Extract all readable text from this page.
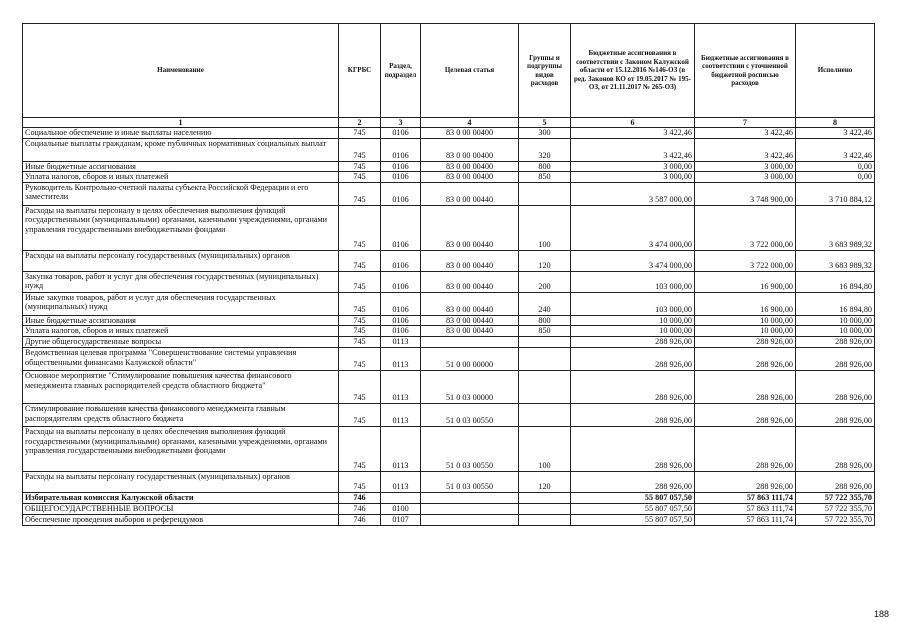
Наименование	КГРБС	Раздел, подраздел	Целевая статья	Группы и подгруппы видов расходов	Бюджетные ассигнования в соответствии с Законом Калужской области от 15.12.2016 №146-ОЗ (в ред. Законов КО от 19.05.2017 № 195-ОЗ, от 21.11.2017 № 265-ОЗ)	Бюджетные ассигнования в соответствии с уточненной бюджетной росписью расходов	Исполнено
1	2	3	4	5	6	7	8
Социальное обеспечение и иные выплаты населению	745	0106	83 0 00 00400	300	3 422,46	3 422,46	3 422,46
Социальные выплаты гражданам, кроме публичных нормативных социальных выплат	745	0106	83 0 00 00400	320	3 422,46	3 422,46	3 422,46
Иные бюджетные ассигнования	745	0106	83 0 00 00400	800	3 000,00	3 000,00	0,00
Уплата налогов, сборов и иных платежей	745	0106	83 0 00 00400	850	3 000,00	3 000,00	0,00
Руководитель Контрольно-счетной палаты субъекта Российской Федерации и его заместители	745	0106	83 0 00 00440		3 587 000,00	3 748 900,00	3 710 884,12
Расходы на выплаты персоналу в целях обеспечения выполнения функций государственными (муниципальными) органами, казенными учреждениями, органами управления государственными внебюджетными фондами	745	0106	83 0 00 00440	100	3 474 000,00	3 722 000,00	3 683 989,32
Расходы на выплаты персоналу государственных (муниципальных) органов	745	0106	83 0 00 00440	120	3 474 000,00	3 722 000,00	3 683 989,32
Закупка товаров, работ и услуг для обеспечения государственных (муниципальных) нужд	745	0106	83 0 00 00440	200	103 000,00	16 900,00	16 894,80
Иные закупки товаров, работ и услуг для обеспечения государственных (муниципальных) нужд	745	0106	83 0 00 00440	240	103 000,00	16 900,00	16 894,80
Иные бюджетные ассигнования	745	0106	83 0 00 00440	800	10 000,00	10 000,00	10 000,00
Уплата налогов, сборов и иных платежей	745	0106	83 0 00 00440	850	10 000,00	10 000,00	10 000,00
Другие общегосударственные вопросы	745	0113			288 926,00	288 926,00	288 926,00
Ведомственная целевая программа "Совершенствование системы управления общественными финансами Калужской области"	745	0113	51 0 00 00000		288 926,00	288 926,00	288 926,00
Основное мероприятие "Стимулирование повышения качества финансового менеджмента главных распорядителей средств областного бюджета"	745	0113	51 0 03 00000		288 926,00	288 926,00	288 926,00
Стимулирование повышения качества финансового менеджмента главным распорядителям средств областного бюджета	745	0113	51 0 03 00550		288 926,00	288 926,00	288 926,00
Расходы на выплаты персоналу в целях обеспечения выполнения функций государственными (муниципальными) органами, казенными учреждениями, органами управления государственными внебюджетными фондами	745	0113	51 0 03 00550	100	288 926,00	288 926,00	288 926,00
Расходы на выплаты персоналу государственных (муниципальных) органов	745	0113	51 0 03 00550	120	288 926,00	288 926,00	288 926,00
Избирательная комиссия Калужской области	746				55 807 057,50	57 863 111,74	57 722 355,70
ОБЩЕГОСУДАРСТВЕННЫЕ ВОПРОСЫ	746	0100			55 807 057,50	57 863 111,74	57 722 355,70
Обеспечение проведения выборов и референдумов	746	0107			55 807 057,50	57 863 111,74	57 722 355,70
188
